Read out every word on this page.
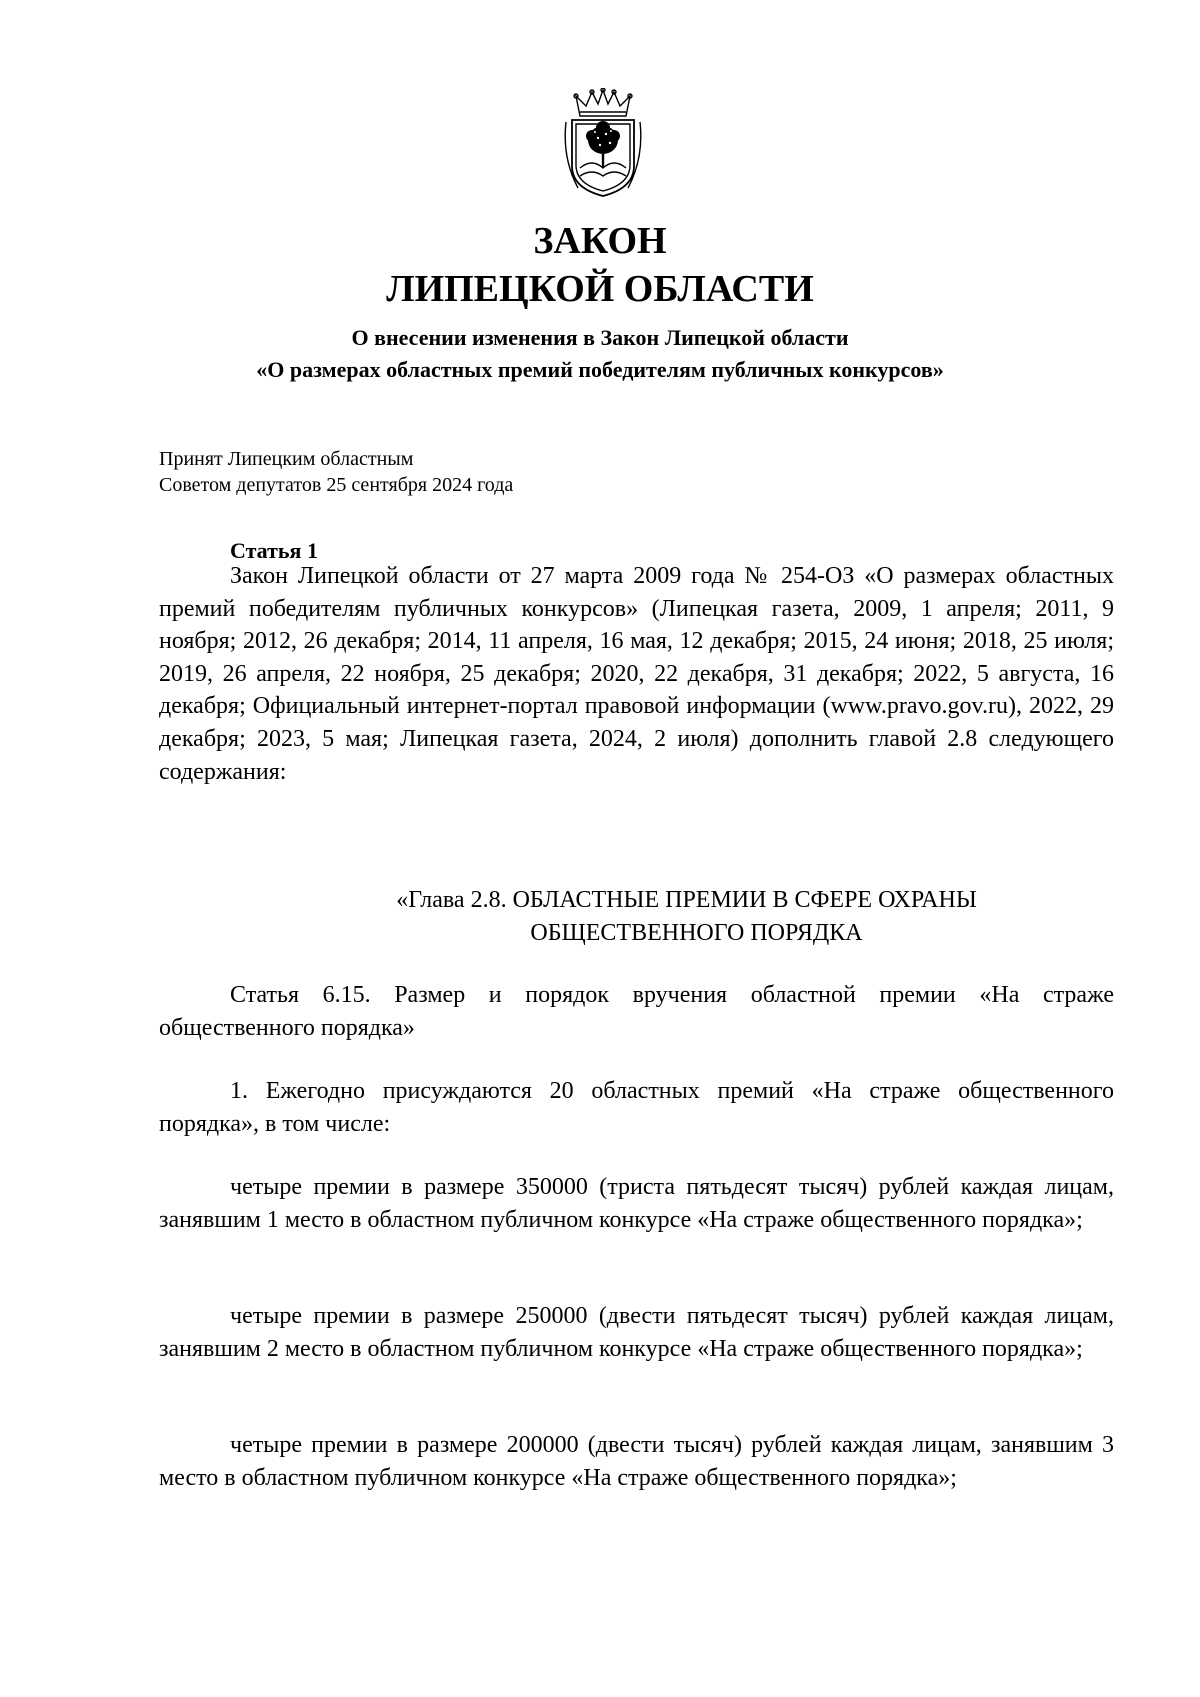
ЗАКОН
ЛИПЕЦКОЙ ОБЛАСТИ
О внесении изменения в Закон Липецкой области
«О размерах областных премий победителям публичных конкурсов»
Принят Липецким областным
Советом депутатов 25 сентября 2024 года
Статья 1

Закон Липецкой области от 27 марта 2009 года № 254-ОЗ «О размерах областных премий победителям публичных конкурсов» (Липецкая газета, 2009, 1 апреля; 2011, 9 ноября; 2012, 26 декабря; 2014, 11 апреля, 16 мая, 12 декабря; 2015, 24 июня; 2018, 25 июля; 2019, 26 апреля, 22 ноября, 25 декабря; 2020, 22 декабря, 31 декабря; 2022, 5 августа, 16 декабря; Официальный интернет-портал правовой информации (www.pravo.gov.ru), 2022, 29 декабря; 2023, 5 мая; Липецкая газета, 2024, 2 июля) дополнить главой 2.8 следующего содержания:

«Глава 2.8. ОБЛАСТНЫЕ ПРЕМИИ В СФЕРЕ ОХРАНЫ
ОБЩЕСТВЕННОГО ПОРЯДКА

Статья 6.15. Размер и порядок вручения областной премии «На страже общественного порядка»

1. Ежегодно присуждаются 20 областных премий «На страже общественного порядка», в том числе:

четыре премии в размере 350000 (триста пятьдесят тысяч) рублей каждая лицам, занявшим 1 место в областном публичном конкурсе «На страже общественного порядка»;

четыре премии в размере 250000 (двести пятьдесят тысяч) рублей каждая лицам, занявшим 2 место в областном публичном конкурсе «На страже общественного порядка»;

четыре премии в размере 200000 (двести тысяч) рублей каждая лицам, занявшим 3 место в областном публичном конкурсе «На страже общественного порядка»;
